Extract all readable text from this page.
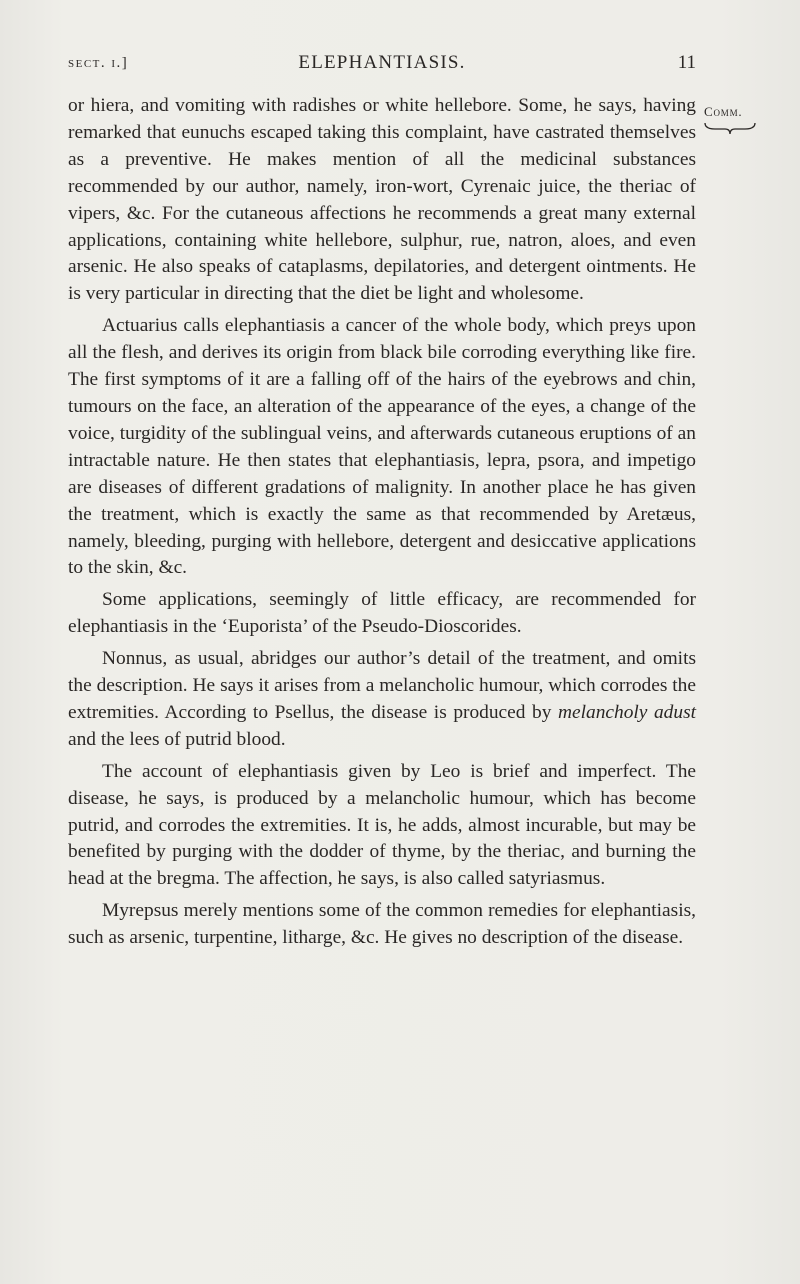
sect. i.]	ELEPHANTIASIS.	11
Comm.

or hiera, and vomiting with radishes or white hellebore. Some, he says, having remarked that eunuchs escaped taking this complaint, have castrated themselves as a preventive. He makes mention of all the medicinal substances recommended by our author, namely, iron-wort, Cyrenaic juice, the theriac of vipers, &c. For the cutaneous affections he recommends a great many external applications, containing white hellebore, sulphur, rue, natron, aloes, and even arsenic. He also speaks of cataplasms, depilatories, and detergent ointments. He is very particular in directing that the diet be light and wholesome.

Actuarius calls elephantiasis a cancer of the whole body, which preys upon all the flesh, and derives its origin from black bile corroding everything like fire. The first symptoms of it are a falling off of the hairs of the eyebrows and chin, tumours on the face, an alteration of the appearance of the eyes, a change of the voice, turgidity of the sublingual veins, and afterwards cutaneous eruptions of an intractable nature. He then states that elephantiasis, lepra, psora, and impetigo are diseases of different gradations of malignity. In another place he has given the treatment, which is exactly the same as that recommended by Aretæus, namely, bleeding, purging with hellebore, detergent and desiccative applications to the skin, &c.

Some applications, seemingly of little efficacy, are recommended for elephantiasis in the ‘Euporista’ of the Pseudo-Dioscorides.

Nonnus, as usual, abridges our author’s detail of the treatment, and omits the description. He says it arises from a melancholic humour, which corrodes the extremities. According to Psellus, the disease is produced by melancholy adust and the lees of putrid blood.

The account of elephantiasis given by Leo is brief and imperfect. The disease, he says, is produced by a melancholic humour, which has become putrid, and corrodes the extremities. It is, he adds, almost incurable, but may be benefited by purging with the dodder of thyme, by the theriac, and burning the head at the bregma. The affection, he says, is also called satyriasmus.

Myrepsus merely mentions some of the common remedies for elephantiasis, such as arsenic, turpentine, litharge, &c. He gives no description of the disease.
